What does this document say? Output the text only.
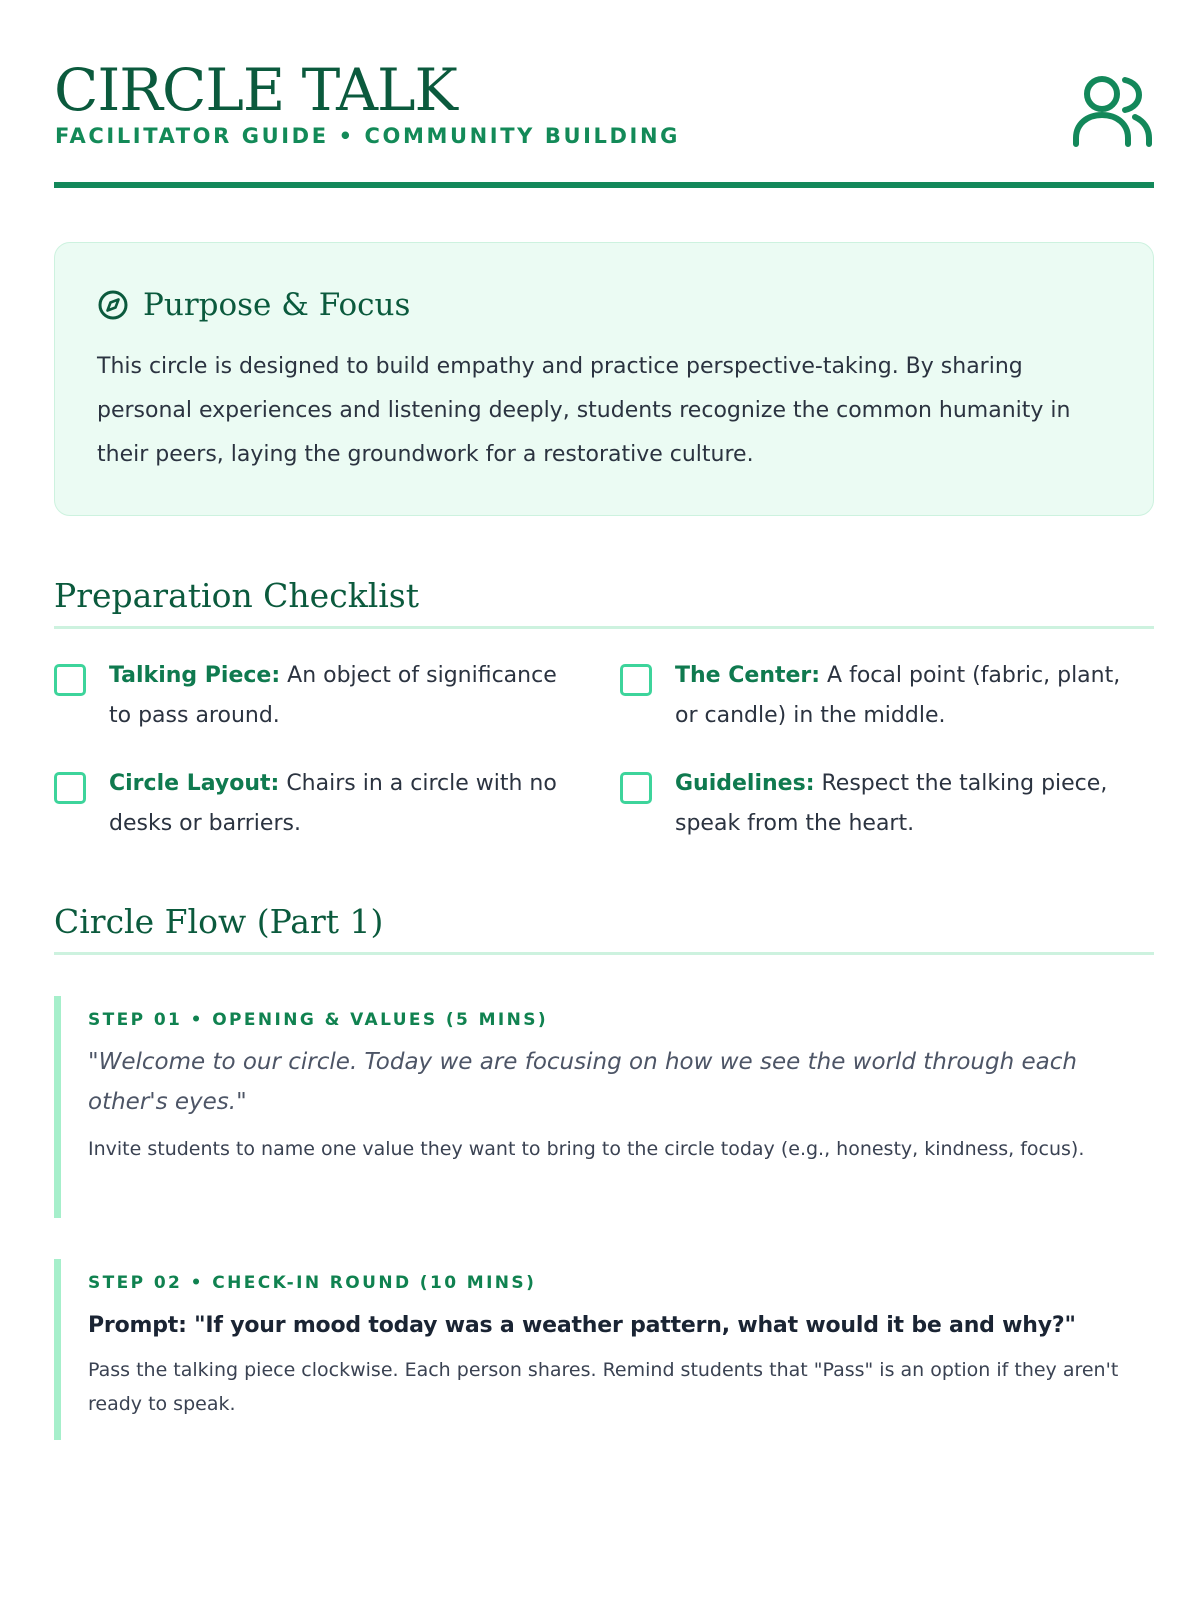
CIRCLE TALK
FACILITATOR GUIDE • COMMUNITY BUILDING
Purpose & Focus
This circle is designed to build empathy and practice perspective-taking. By sharing personal experiences and listening deeply, students recognize the common humanity in their peers, laying the groundwork for a restorative culture.
Preparation Checklist
Talking Piece: An object of significance to pass around.
The Center: A focal point (fabric, plant, or candle) in the middle.
Circle Layout: Chairs in a circle with no desks or barriers.
Guidelines: Respect the talking piece, speak from the heart.
Circle Flow (Part 1)
STEP 01 • OPENING & VALUES (5 MINS)
"Welcome to our circle. Today we are focusing on how we see the world through each other's eyes."
Invite students to name one value they want to bring to the circle today (e.g., honesty, kindness, focus).
STEP 02 • CHECK-IN ROUND (10 MINS)
Prompt: "If your mood today was a weather pattern, what would it be and why?"
Pass the talking piece clockwise. Each person shares. Remind students that "Pass" is an option if they aren't ready to speak.
